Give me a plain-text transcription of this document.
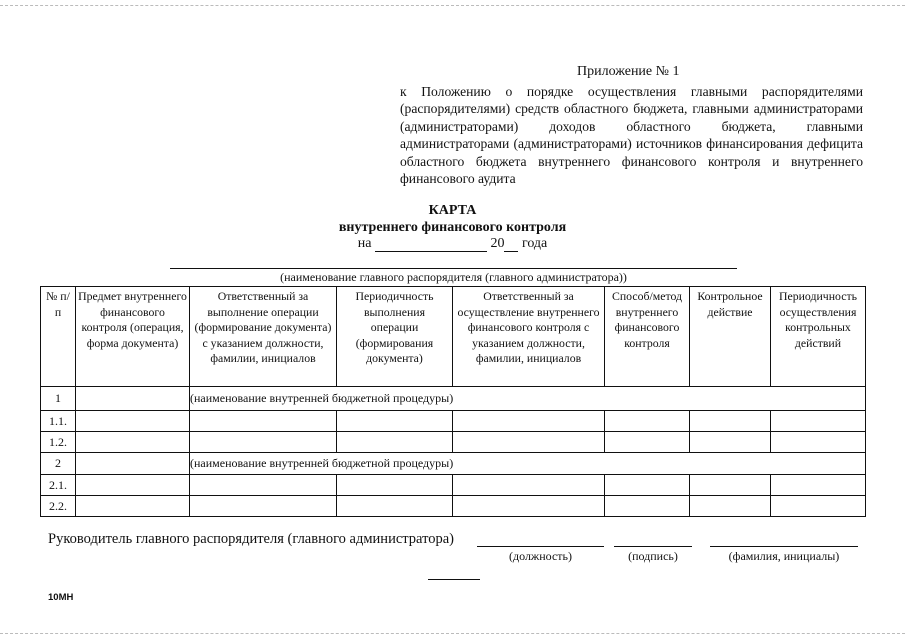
Приложение № 1
к Положению о порядке осуществления главными распорядителями (распорядителями) средств областного бюджета, главными администраторами (администраторами) доходов областного бюджета, главными администраторами (администраторами) источников финансирования дефицита областного бюджета внутреннего финансового контроля и внутреннего финансового аудита
КАРТА
внутреннего финансового контроля
на	20 года
(наименование главного распорядителя (главного администратора))
№ п/п	Предмет внутреннего финансового контроля (операция, форма документа)	Ответственный за выполнение операции (формирование документа) с указанием должности, фамилии, инициалов	Периодичность выполнения операции (формирования документа)	Ответственный за осуществление внутреннего финансового контроля с указанием должности, фамилии, инициалов	Способ/метод внутреннего финансового контроля	Контрольное действие	Периодичность осуществления контрольных действий
1		(наименование внутренней бюджетной процедуры)					
1.1.							
1.2.							
2		(наименование внутренней бюджетной процедуры)					
2.1.							
2.2.							
Руководитель главного распорядителя (главного администратора)
(должность)	(подпись)	(фамилия, инициалы)
10МН
